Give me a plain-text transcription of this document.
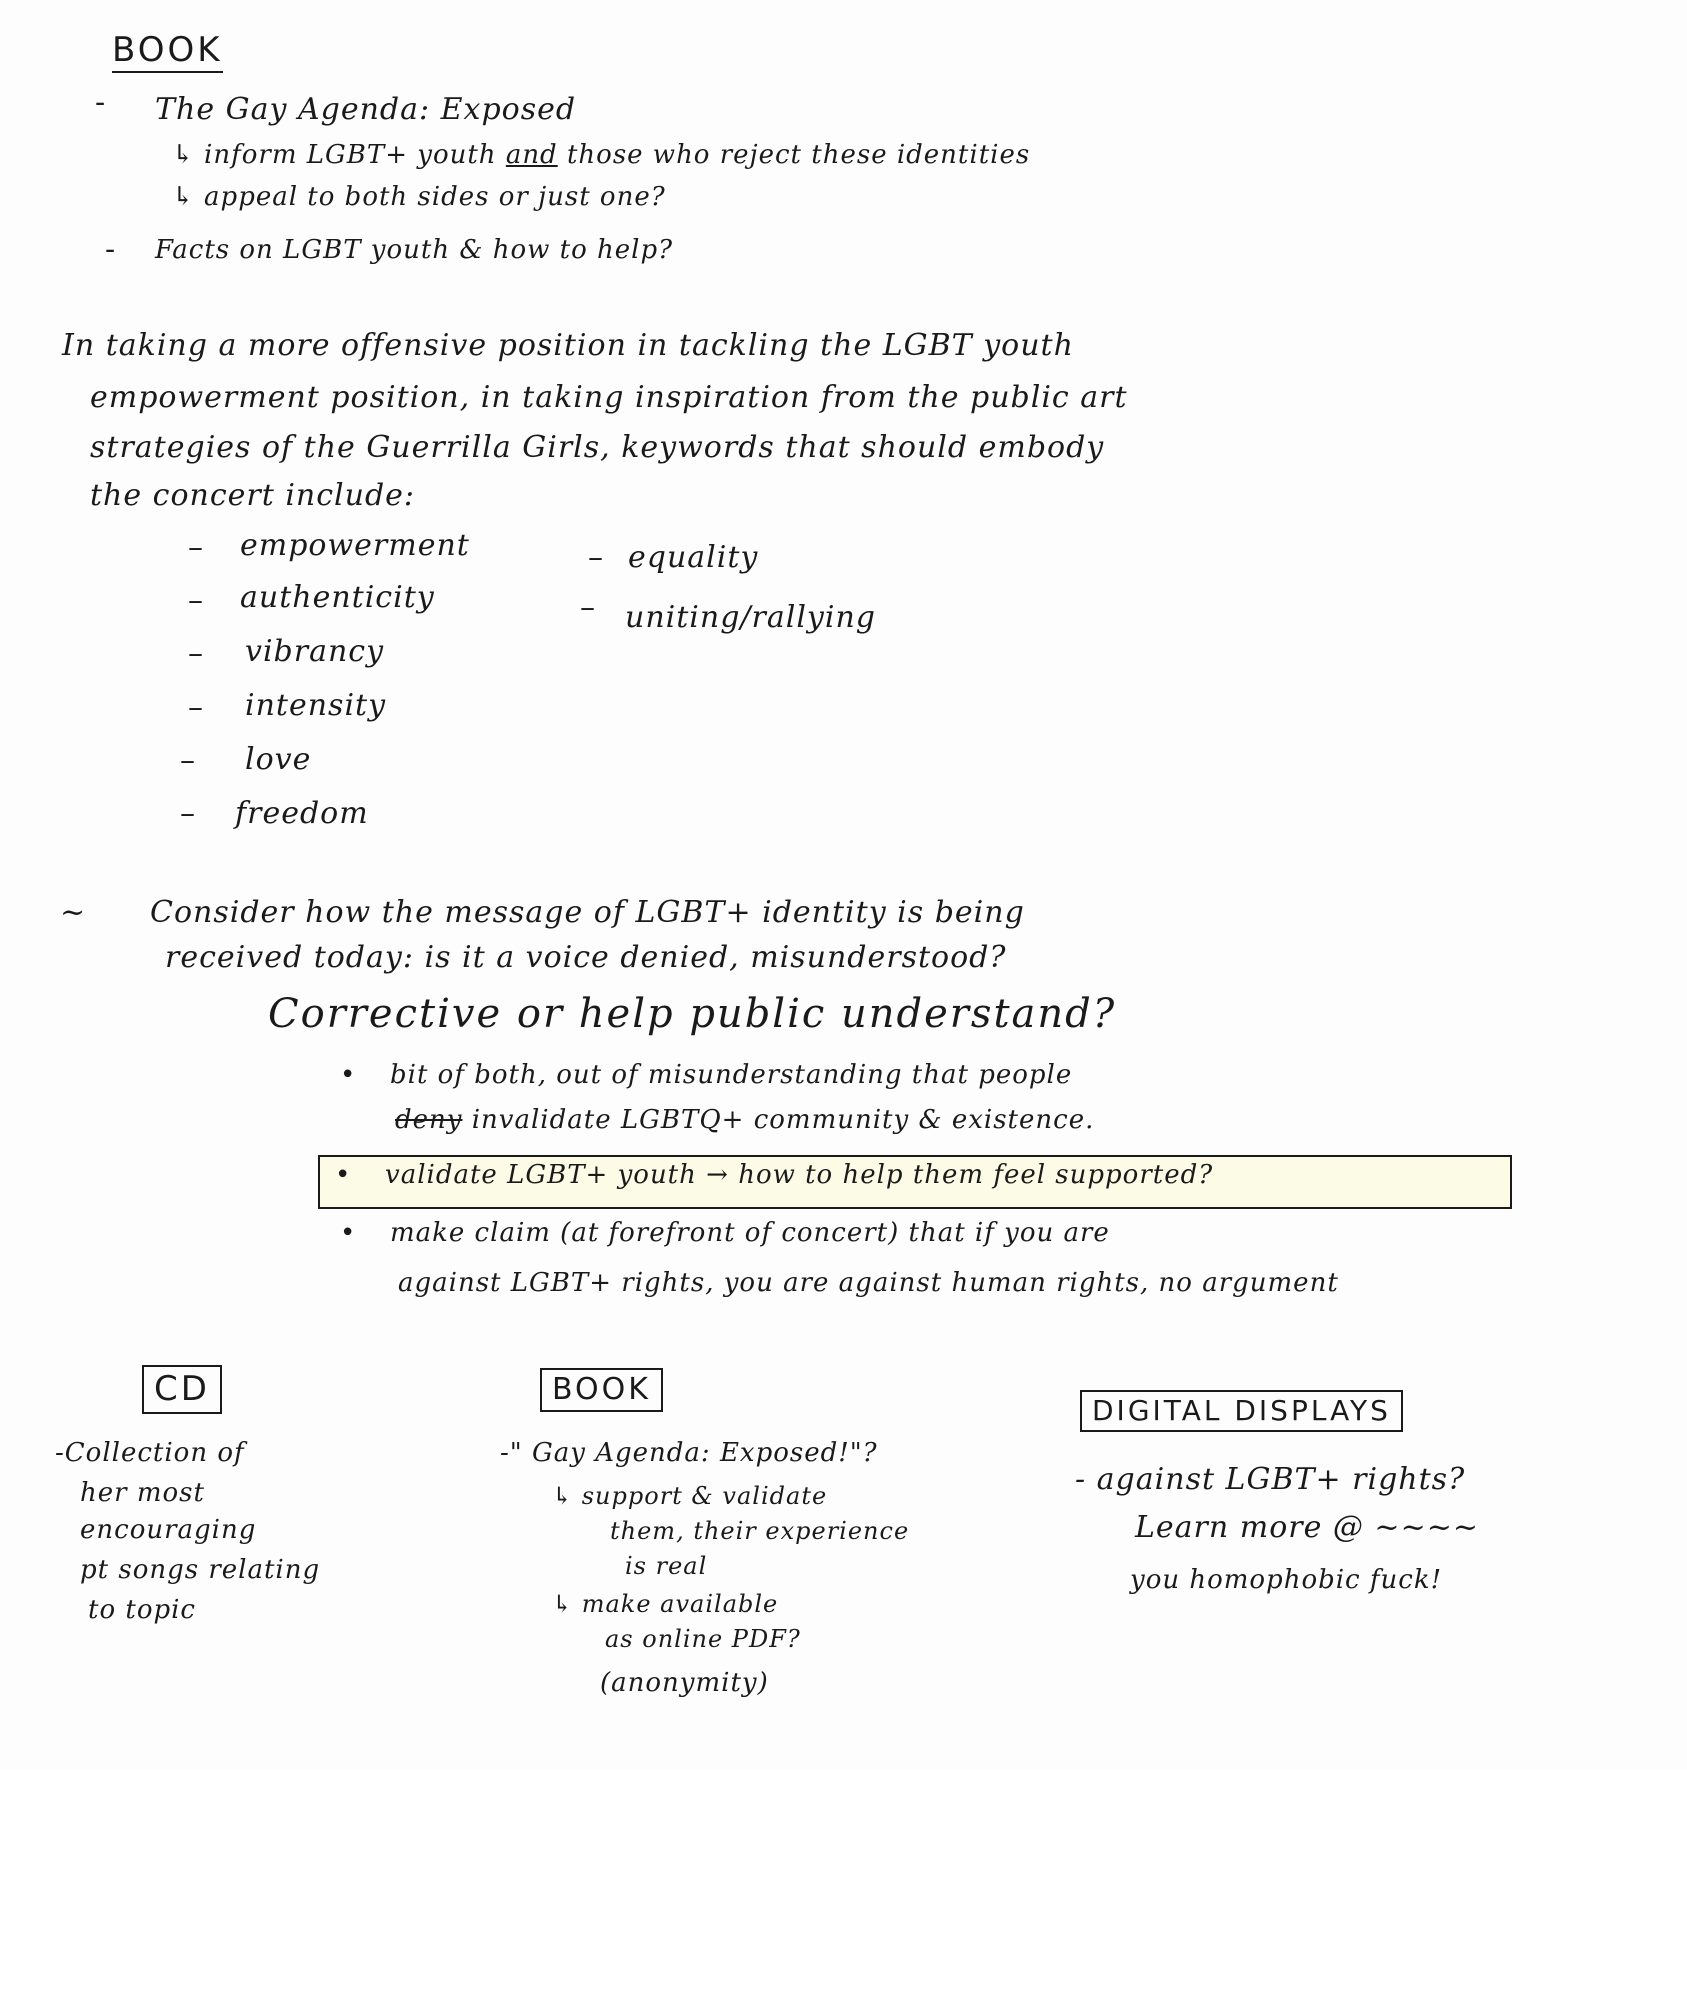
BOOK
- The Gay Agenda: Exposed
↳ inform LGBT+ youth and those who reject these identities
↳ appeal to both sides or just one?
- Facts on LGBT youth & how to help?
In taking a more offensive position in tackling the LGBT youth
empowerment position, in taking inspiration from the public art
strategies of the Guerrilla Girls, keywords that should embody
the concert include:
– empowerment
– authenticity
– vibrancy
– intensity
– love
– freedom
– equality
– uniting/rallying
~ Consider how the message of LGBT+ identity is being
received today: is it a voice denied, misunderstood?
Corrective or help public understand?
• bit of both, out of misunderstanding that people
deny invalidate LGBTQ+ community & existence.
• validate LGBT+ youth → how to help them feel supported?
• make claim (at forefront of concert) that if you are
against LGBT+ rights, you are against human rights, no argument
CD
-Collection of
her most
encouraging
pt songs relating
to topic
BOOK
-" Gay Agenda: Exposed!"?
↳ support & validate
them, their experience
is real
↳ make available
as online PDF?
(anonymity)
DIGITAL DISPLAYS
- against LGBT+ rights?
Learn more @ ~~~~
you homophobic fuck!
